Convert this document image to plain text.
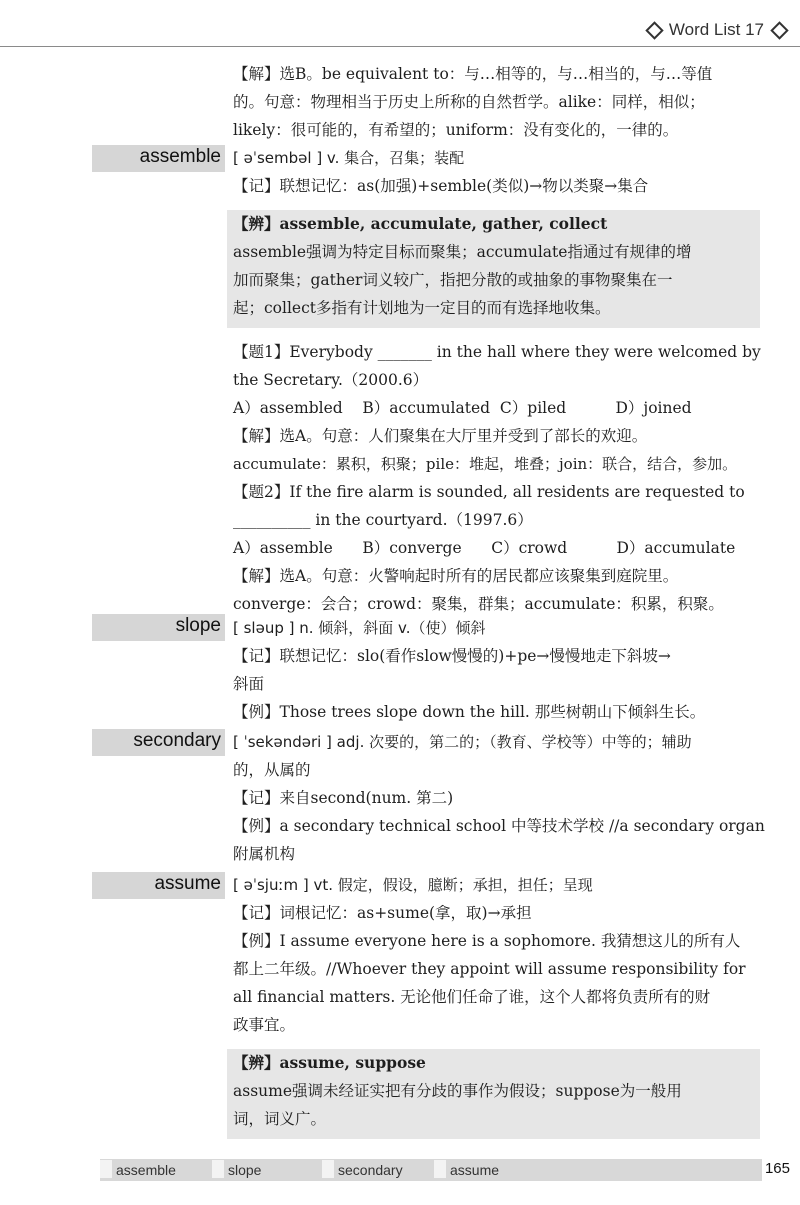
Word List 17
【解】选B。be equivalent to：与…相等的，与…相当的，与…等值
的。句意：物理相当于历史上所称的自然哲学。alike：同样，相似；
likely：很可能的，有希望的；uniform：没有变化的，一律的。
assemble [ əˈsembəl ] v. 集合，召集；装配
【记】联想记忆：as(加强)+semble(类似)→物以类聚→集合
【辨】assemble, accumulate, gather, collect
assemble强调为特定目标而聚集；accumulate指通过有规律的增
加而聚集；gather词义较广，指把分散的或抽象的事物聚集在一
起；collect多指有计划地为一定目的而有选择地收集。
【题1】Everybody _______ in the hall where they were welcomed by
the Secretary.（2000.6）
A）assembled    B）accumulated  C）piled          D）joined
【解】选A。句意：人们聚集在大厅里并受到了部长的欢迎。
accumulate：累积，积聚；pile：堆起，堆叠；join：联合，结合，参加。
【题2】If the fire alarm is sounded, all residents are requested to
__________ in the courtyard.（1997.6）
A）assemble      B）converge      C）crowd          D）accumulate
【解】选A。句意：火警响起时所有的居民都应该聚集到庭院里。
converge：会合；crowd：聚集，群集；accumulate：积累，积聚。
slope [ sləup ] n. 倾斜，斜面 v.（使）倾斜
【记】联想记忆：slo(看作slow慢慢的)+pe→慢慢地走下斜坡→
斜面
【例】Those trees slope down the hill. 那些树朝山下倾斜生长。
secondary [ ˈsekəndəri ] adj. 次要的，第二的；（教育、学校等）中等的；辅助
的，从属的
【记】来自second(num. 第二)
【例】a secondary technical school 中等技术学校 //a secondary organ
附属机构
assume [ əˈsjuːm ] vt. 假定，假设，臆断；承担，担任；呈现
【记】词根记忆：as+sume(拿，取)→承担
【例】I assume everyone here is a sophomore. 我猜想这儿的所有人
都上二年级。//Whoever they appoint will assume responsibility for
all financial matters. 无论他们任命了谁，这个人都将负责所有的财
政事宜。
【辨】assume, suppose
assume强调未经证实把有分歧的事作为假设；suppose为一般用
词，词义广。
assemble	slope	secondary	assume	165
